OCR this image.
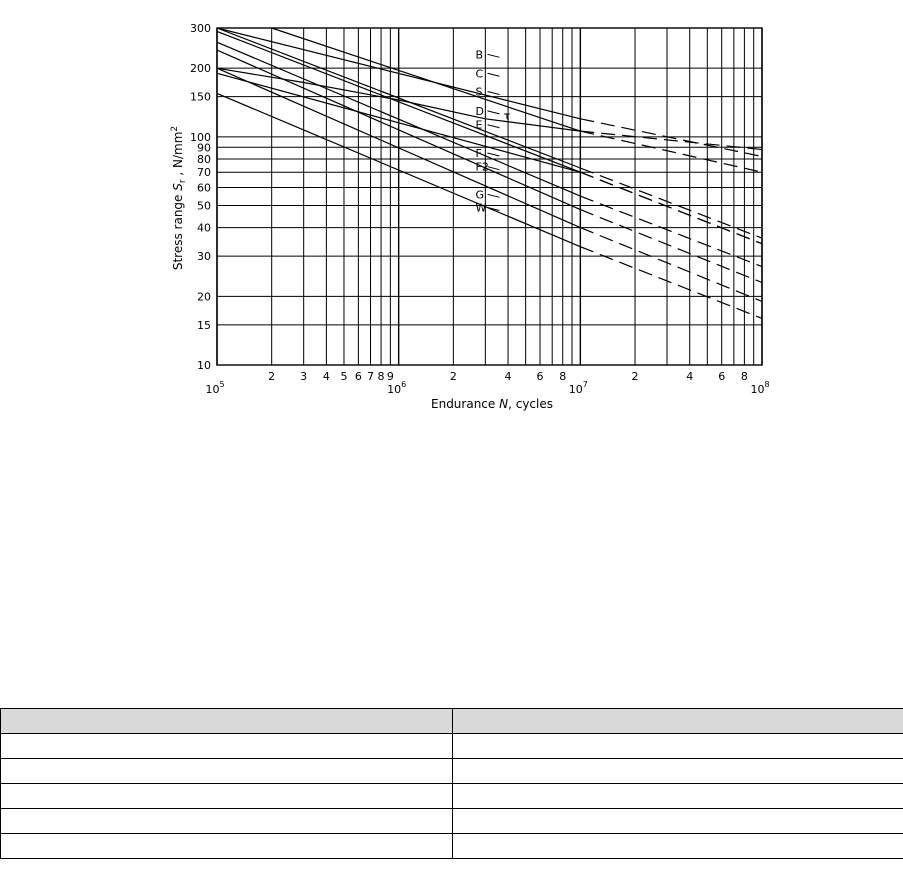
10
15
20
30
40
50
60
70
80
90
100
150
200
300
2 3 4 5 6 7 8 9	2	4 6 8	2	4 6 8
$10^5$	$10^6$	$10^7$	$10^8$
B
C
S
D
E
τ
F
F2
G
W
Endurance N, cycles
Stress range $S_r$ , $N/mm^2$
